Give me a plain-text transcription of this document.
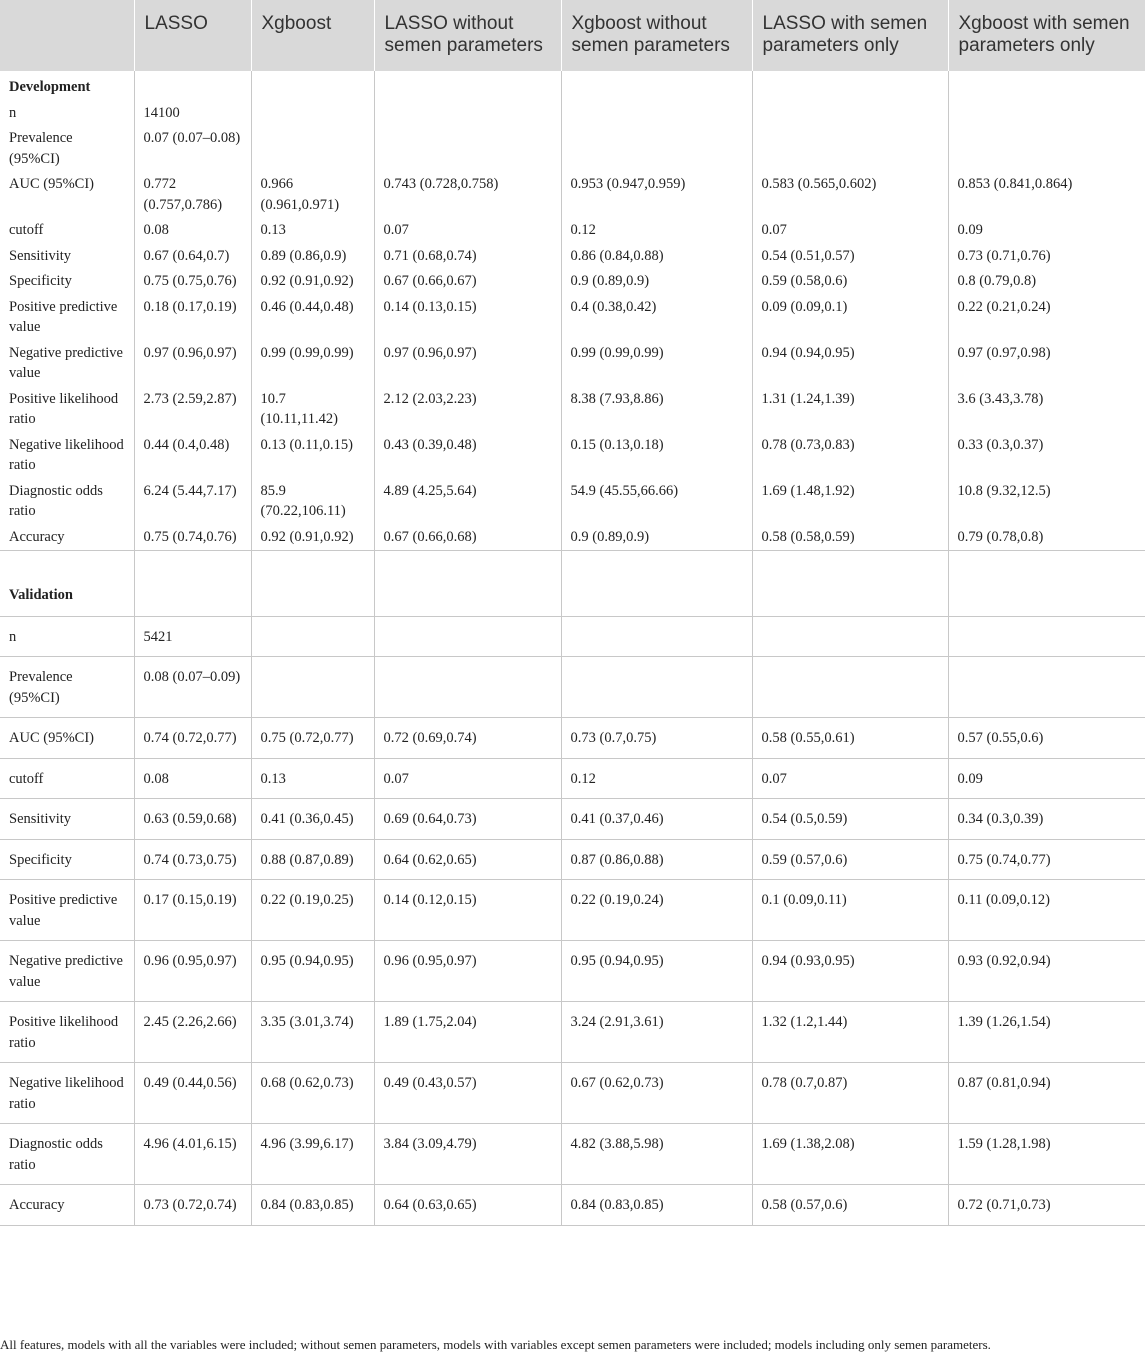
	LASSO	Xgboost	LASSO without semen parameters	Xgboost without semen parameters	LASSO with semen parameters only	Xgboost with semen parameters only
Development						
n	14100					
Prevalence (95%CI)	0.07 (0.07–0.08)					
AUC (95%CI)	0.772 (0.757,0.786)	0.966 (0.961,0.971)	0.743 (0.728,0.758)	0.953 (0.947,0.959)	0.583 (0.565,0.602)	0.853 (0.841,0.864)
cutoff	0.08	0.13	0.07	0.12	0.07	0.09
Sensitivity	0.67 (0.64,0.7)	0.89 (0.86,0.9)	0.71 (0.68,0.74)	0.86 (0.84,0.88)	0.54 (0.51,0.57)	0.73 (0.71,0.76)
Specificity	0.75 (0.75,0.76)	0.92 (0.91,0.92)	0.67 (0.66,0.67)	0.9 (0.89,0.9)	0.59 (0.58,0.6)	0.8 (0.79,0.8)
Positive predictive value	0.18 (0.17,0.19)	0.46 (0.44,0.48)	0.14 (0.13,0.15)	0.4 (0.38,0.42)	0.09 (0.09,0.1)	0.22 (0.21,0.24)
Negative predictive value	0.97 (0.96,0.97)	0.99 (0.99,0.99)	0.97 (0.96,0.97)	0.99 (0.99,0.99)	0.94 (0.94,0.95)	0.97 (0.97,0.98)
Positive likelihood ratio	2.73 (2.59,2.87)	10.7 (10.11,11.42)	2.12 (2.03,2.23)	8.38 (7.93,8.86)	1.31 (1.24,1.39)	3.6 (3.43,3.78)
Negative likelihood ratio	0.44 (0.4,0.48)	0.13 (0.11,0.15)	0.43 (0.39,0.48)	0.15 (0.13,0.18)	0.78 (0.73,0.83)	0.33 (0.3,0.37)
Diagnostic odds ratio	6.24 (5.44,7.17)	85.9 (70.22,106.11)	4.89 (4.25,5.64)	54.9 (45.55,66.66)	1.69 (1.48,1.92)	10.8 (9.32,12.5)
Accuracy	0.75 (0.74,0.76)	0.92 (0.91,0.92)	0.67 (0.66,0.68)	0.9 (0.89,0.9)	0.58 (0.58,0.59)	0.79 (0.78,0.8)
Validation						
n	5421					
Prevalence (95%CI)	0.08 (0.07–0.09)					
AUC (95%CI)	0.74 (0.72,0.77)	0.75 (0.72,0.77)	0.72 (0.69,0.74)	0.73 (0.7,0.75)	0.58 (0.55,0.61)	0.57 (0.55,0.6)
cutoff	0.08	0.13	0.07	0.12	0.07	0.09
Sensitivity	0.63 (0.59,0.68)	0.41 (0.36,0.45)	0.69 (0.64,0.73)	0.41 (0.37,0.46)	0.54 (0.5,0.59)	0.34 (0.3,0.39)
Specificity	0.74 (0.73,0.75)	0.88 (0.87,0.89)	0.64 (0.62,0.65)	0.87 (0.86,0.88)	0.59 (0.57,0.6)	0.75 (0.74,0.77)
Positive predictive value	0.17 (0.15,0.19)	0.22 (0.19,0.25)	0.14 (0.12,0.15)	0.22 (0.19,0.24)	0.1 (0.09,0.11)	0.11 (0.09,0.12)
Negative predictive value	0.96 (0.95,0.97)	0.95 (0.94,0.95)	0.96 (0.95,0.97)	0.95 (0.94,0.95)	0.94 (0.93,0.95)	0.93 (0.92,0.94)
Positive likelihood ratio	2.45 (2.26,2.66)	3.35 (3.01,3.74)	1.89 (1.75,2.04)	3.24 (2.91,3.61)	1.32 (1.2,1.44)	1.39 (1.26,1.54)
Negative likelihood ratio	0.49 (0.44,0.56)	0.68 (0.62,0.73)	0.49 (0.43,0.57)	0.67 (0.62,0.73)	0.78 (0.7,0.87)	0.87 (0.81,0.94)
Diagnostic odds ratio	4.96 (4.01,6.15)	4.96 (3.99,6.17)	3.84 (3.09,4.79)	4.82 (3.88,5.98)	1.69 (1.38,2.08)	1.59 (1.28,1.98)
Accuracy	0.73 (0.72,0.74)	0.84 (0.83,0.85)	0.64 (0.63,0.65)	0.84 (0.83,0.85)	0.58 (0.57,0.6)	0.72 (0.71,0.73)
All features, models with all the variables were included; without semen parameters, models with variables except semen parameters were included; models including only semen parameters.
